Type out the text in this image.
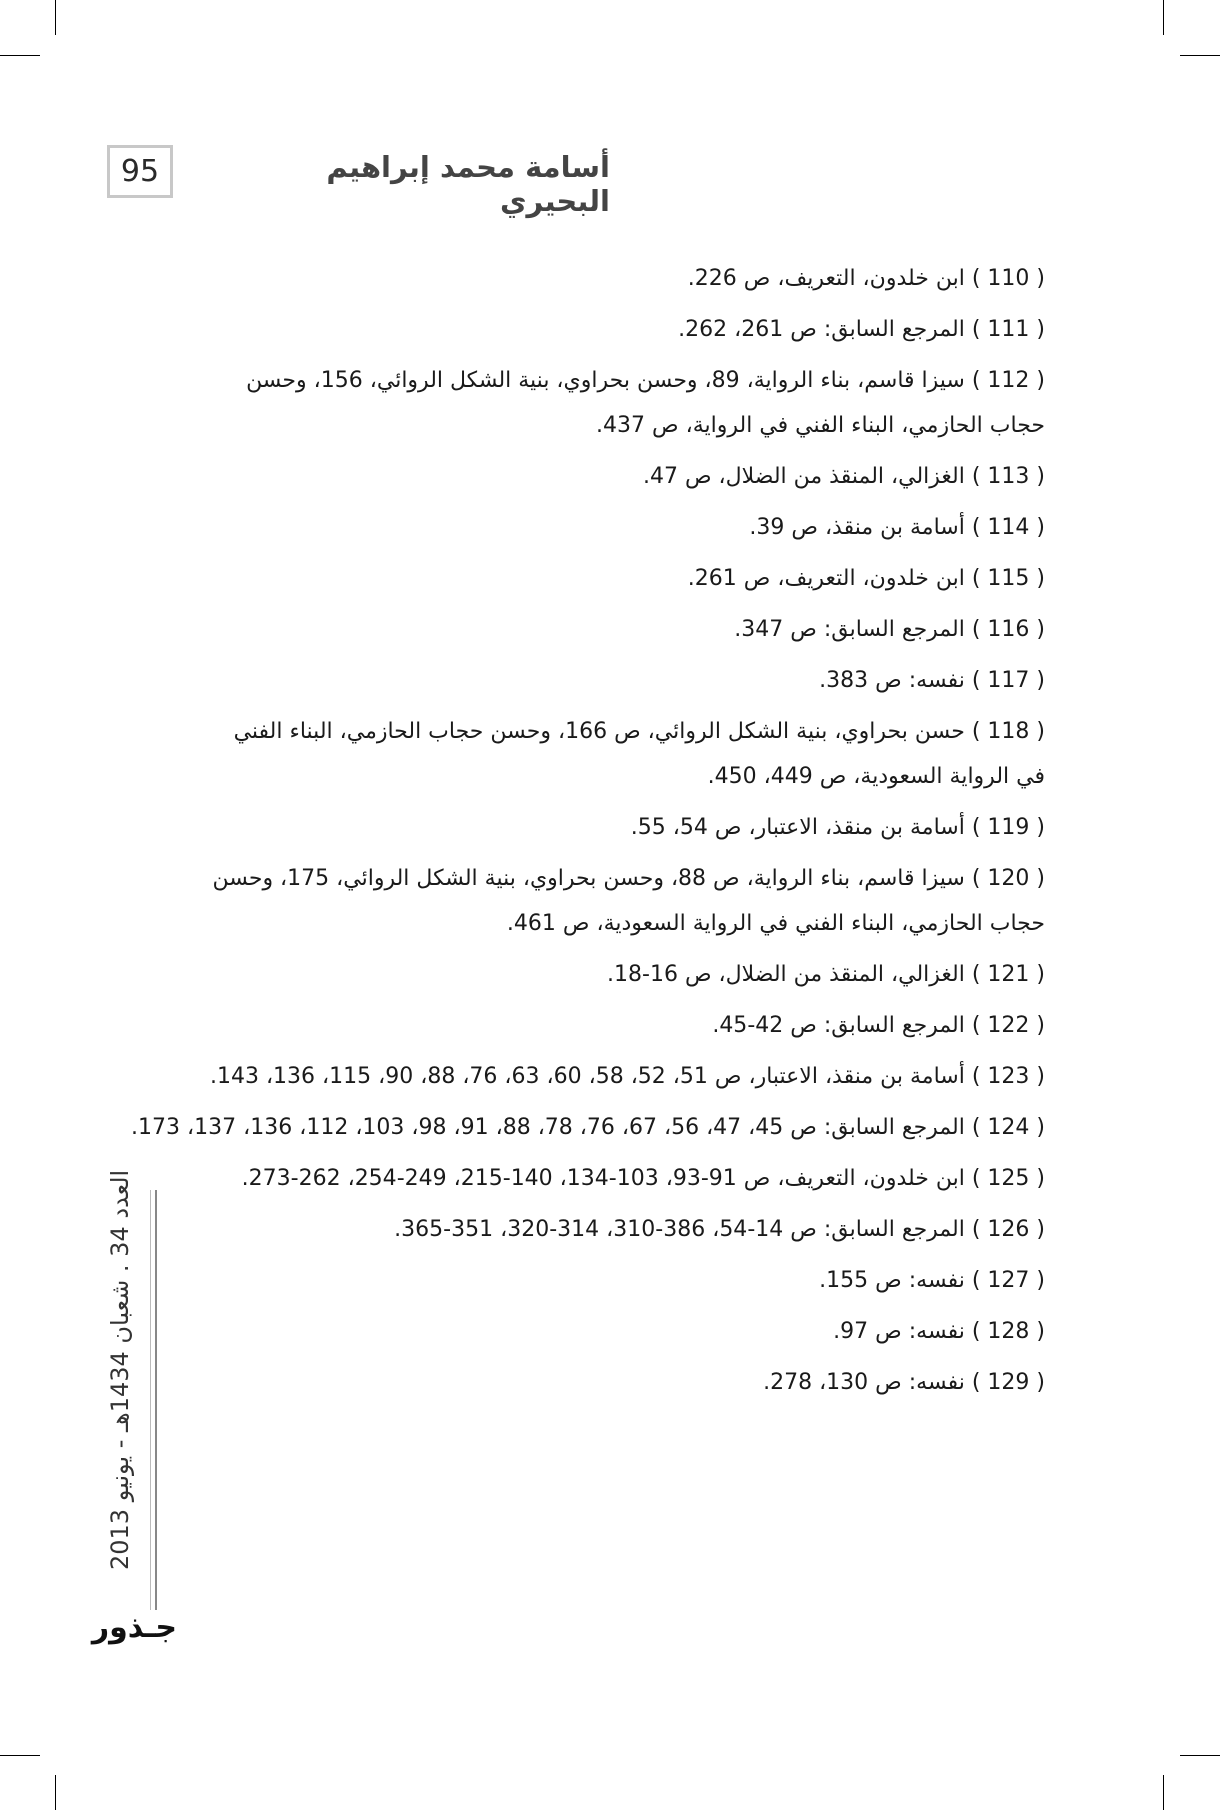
95	أسامة محمد إبراهيم البحيري
( 110 ) ابن خلدون، التعريف، ص 226.
( 111 ) المرجع السابق: ص 261، 262.
( 112 ) سيزا قاسم، بناء الرواية، 89، وحسن بحراوي، بنية الشكل الروائي، 156، وحسن حجاب الحازمي، البناء الفني في الرواية، ص 437.
( 113 ) الغزالي، المنقذ من الضلال، ص 47.
( 114 ) أسامة بن منقذ، ص 39.
( 115 ) ابن خلدون، التعريف، ص 261.
( 116 ) المرجع السابق: ص 347.
( 117 ) نفسه: ص 383.
( 118 ) حسن بحراوي، بنية الشكل الروائي، ص 166، وحسن حجاب الحازمي، البناء الفني في الرواية السعودية، ص 449، 450.
( 119 ) أسامة بن منقذ، الاعتبار، ص 54، 55.
( 120 ) سيزا قاسم، بناء الرواية، ص 88، وحسن بحراوي، بنية الشكل الروائي، 175، وحسن حجاب الحازمي، البناء الفني في الرواية السعودية، ص 461.
( 121 ) الغزالي، المنقذ من الضلال، ص 16-18.
( 122 ) المرجع السابق: ص 42-45.
( 123 ) أسامة بن منقذ، الاعتبار، ص 51، 52، 58، 60، 63، 76، 88، 90، 115، 136، 143.
( 124 ) المرجع السابق: ص 45، 47، 56، 67، 76، 78، 88، 91، 98، 103، 112، 136، 137، 173.
( 125 ) ابن خلدون، التعريف، ص 91-93، 103-134، 140-215، 249-254، 262-273.
( 126 ) المرجع السابق: ص 14-54، 386-310، 314-320، 351-365.
( 127 ) نفسه: ص 155.
( 128 ) نفسه: ص 97.
( 129 ) نفسه: ص 130، 278.
العدد 34 . شعبان 1434هـ - يونيو 2013
جـذور
